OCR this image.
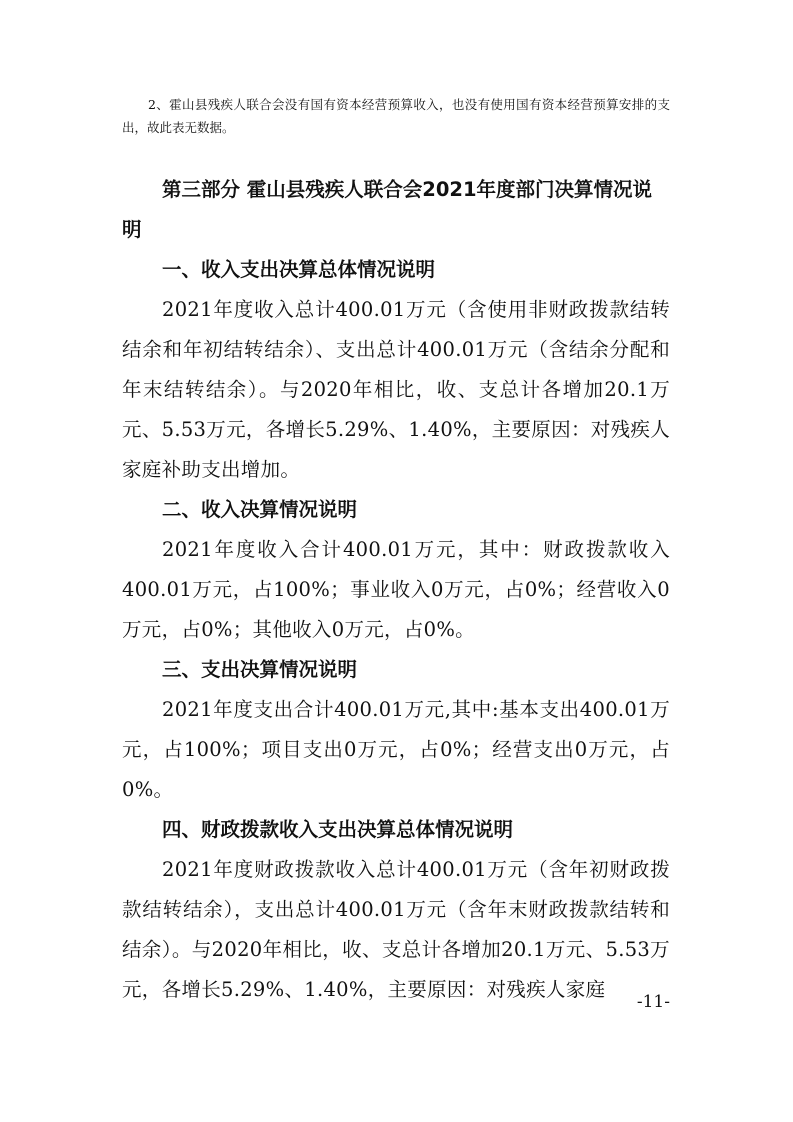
2、霍山县残疾人联合会没有国有资本经营预算收入，也没有使用国有资本经营预算安排的支出，故此表无数据。

第三部分 霍山县残疾人联合会2021年度部门决算情况说明
一、收入支出决算总体情况说明

2021年度收入总计400.01万元（含使用非财政拨款结转结余和年初结转结余）、支出总计400.01万元（含结余分配和年末结转结余）。与2020年相比，收、支总计各增加20.1万元、5.53万元，各增长5.29%、1.40%，主要原因：对残疾人家庭补助支出增加。

二、收入决算情况说明

2021年度收入合计400.01万元，其中：财政拨款收入400.01万元，占100%；事业收入0万元，占0%；经营收入0万元，占0%；其他收入0万元，占0%。

三、支出决算情况说明

2021年度支出合计400.01万元,其中:基本支出400.01万元，占100%；项目支出0万元，占0%；经营支出0万元，占0%。

四、财政拨款收入支出决算总体情况说明

2021年度财政拨款收入总计400.01万元（含年初财政拨款结转结余），支出总计400.01万元（含年末财政拨款结转和结余）。与2020年相比，收、支总计各增加20.1万元、5.53万元，各增长5.29%、1.40%，主要原因：对残疾人家庭

-11-
